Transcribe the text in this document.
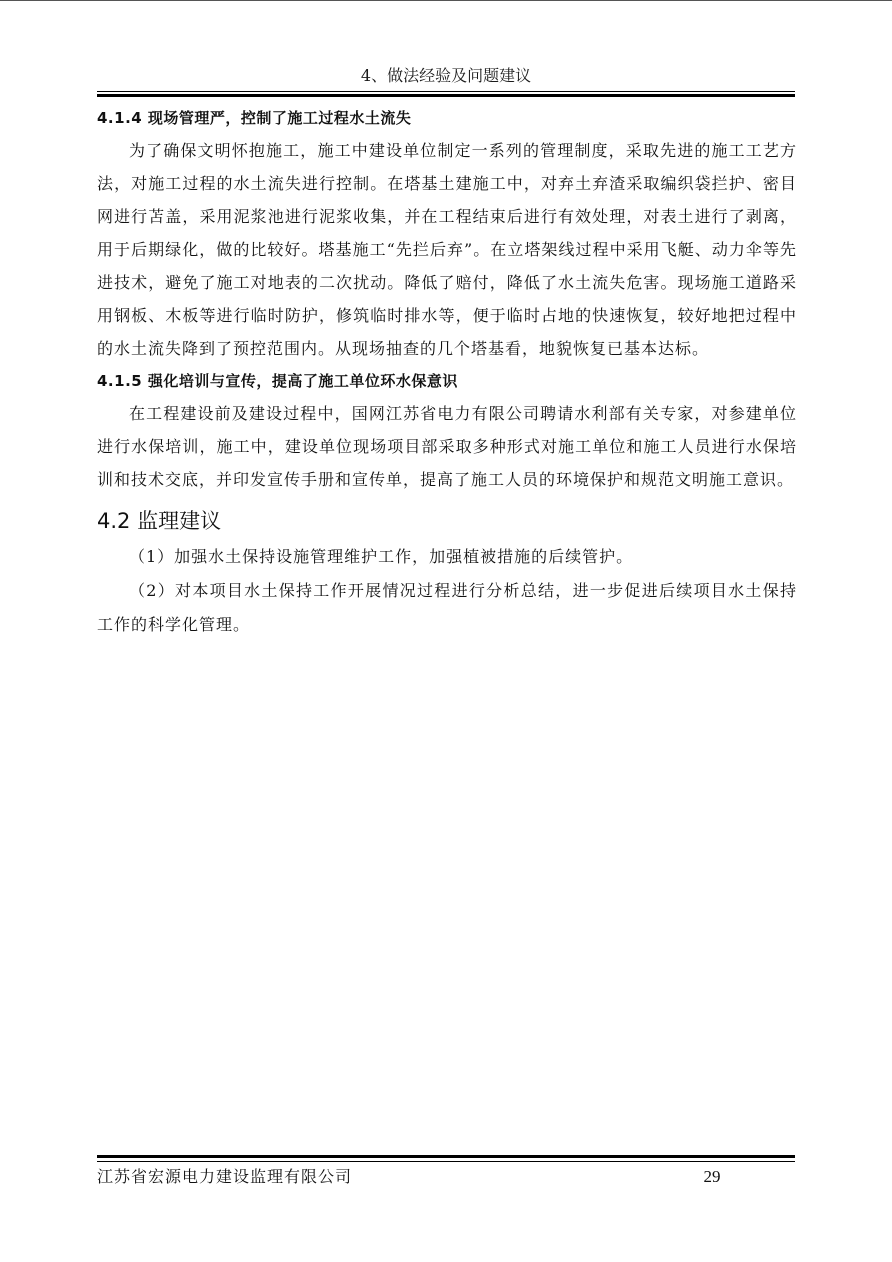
4、做法经验及问题建议
4.1.4 现场管理严，控制了施工过程水土流失

为了确保文明怀抱施工，施工中建设单位制定一系列的管理制度，采取先进的施工工艺方法，对施工过程的水土流失进行控制。在塔基土建施工中，对弃土弃渣采取编织袋拦护、密目网进行苫盖，采用泥浆池进行泥浆收集，并在工程结束后进行有效处理，对表土进行了剥离，用于后期绿化，做的比较好。塔基施工“先拦后弃”。在立塔架线过程中采用飞艇、动力伞等先进技术，避免了施工对地表的二次扰动。降低了赔付，降低了水土流失危害。现场施工道路采用钢板、木板等进行临时防护，修筑临时排水等，便于临时占地的快速恢复，较好地把过程中的水土流失降到了预控范围内。从现场抽查的几个塔基看，地貌恢复已基本达标。

4.1.5 强化培训与宣传，提高了施工单位环水保意识

在工程建设前及建设过程中，国网江苏省电力有限公司聘请水利部有关专家，对参建单位进行水保培训，施工中，建设单位现场项目部采取多种形式对施工单位和施工人员进行水保培训和技术交底，并印发宣传手册和宣传单，提高了施工人员的环境保护和规范文明施工意识。

4.2 监理建议

（1）加强水土保持设施管理维护工作，加强植被措施的后续管护。

（2）对本项目水土保持工作开展情况过程进行分析总结，进一步促进后续项目水土保持工作的科学化管理。

江苏省宏源电力建设监理有限公司	29
